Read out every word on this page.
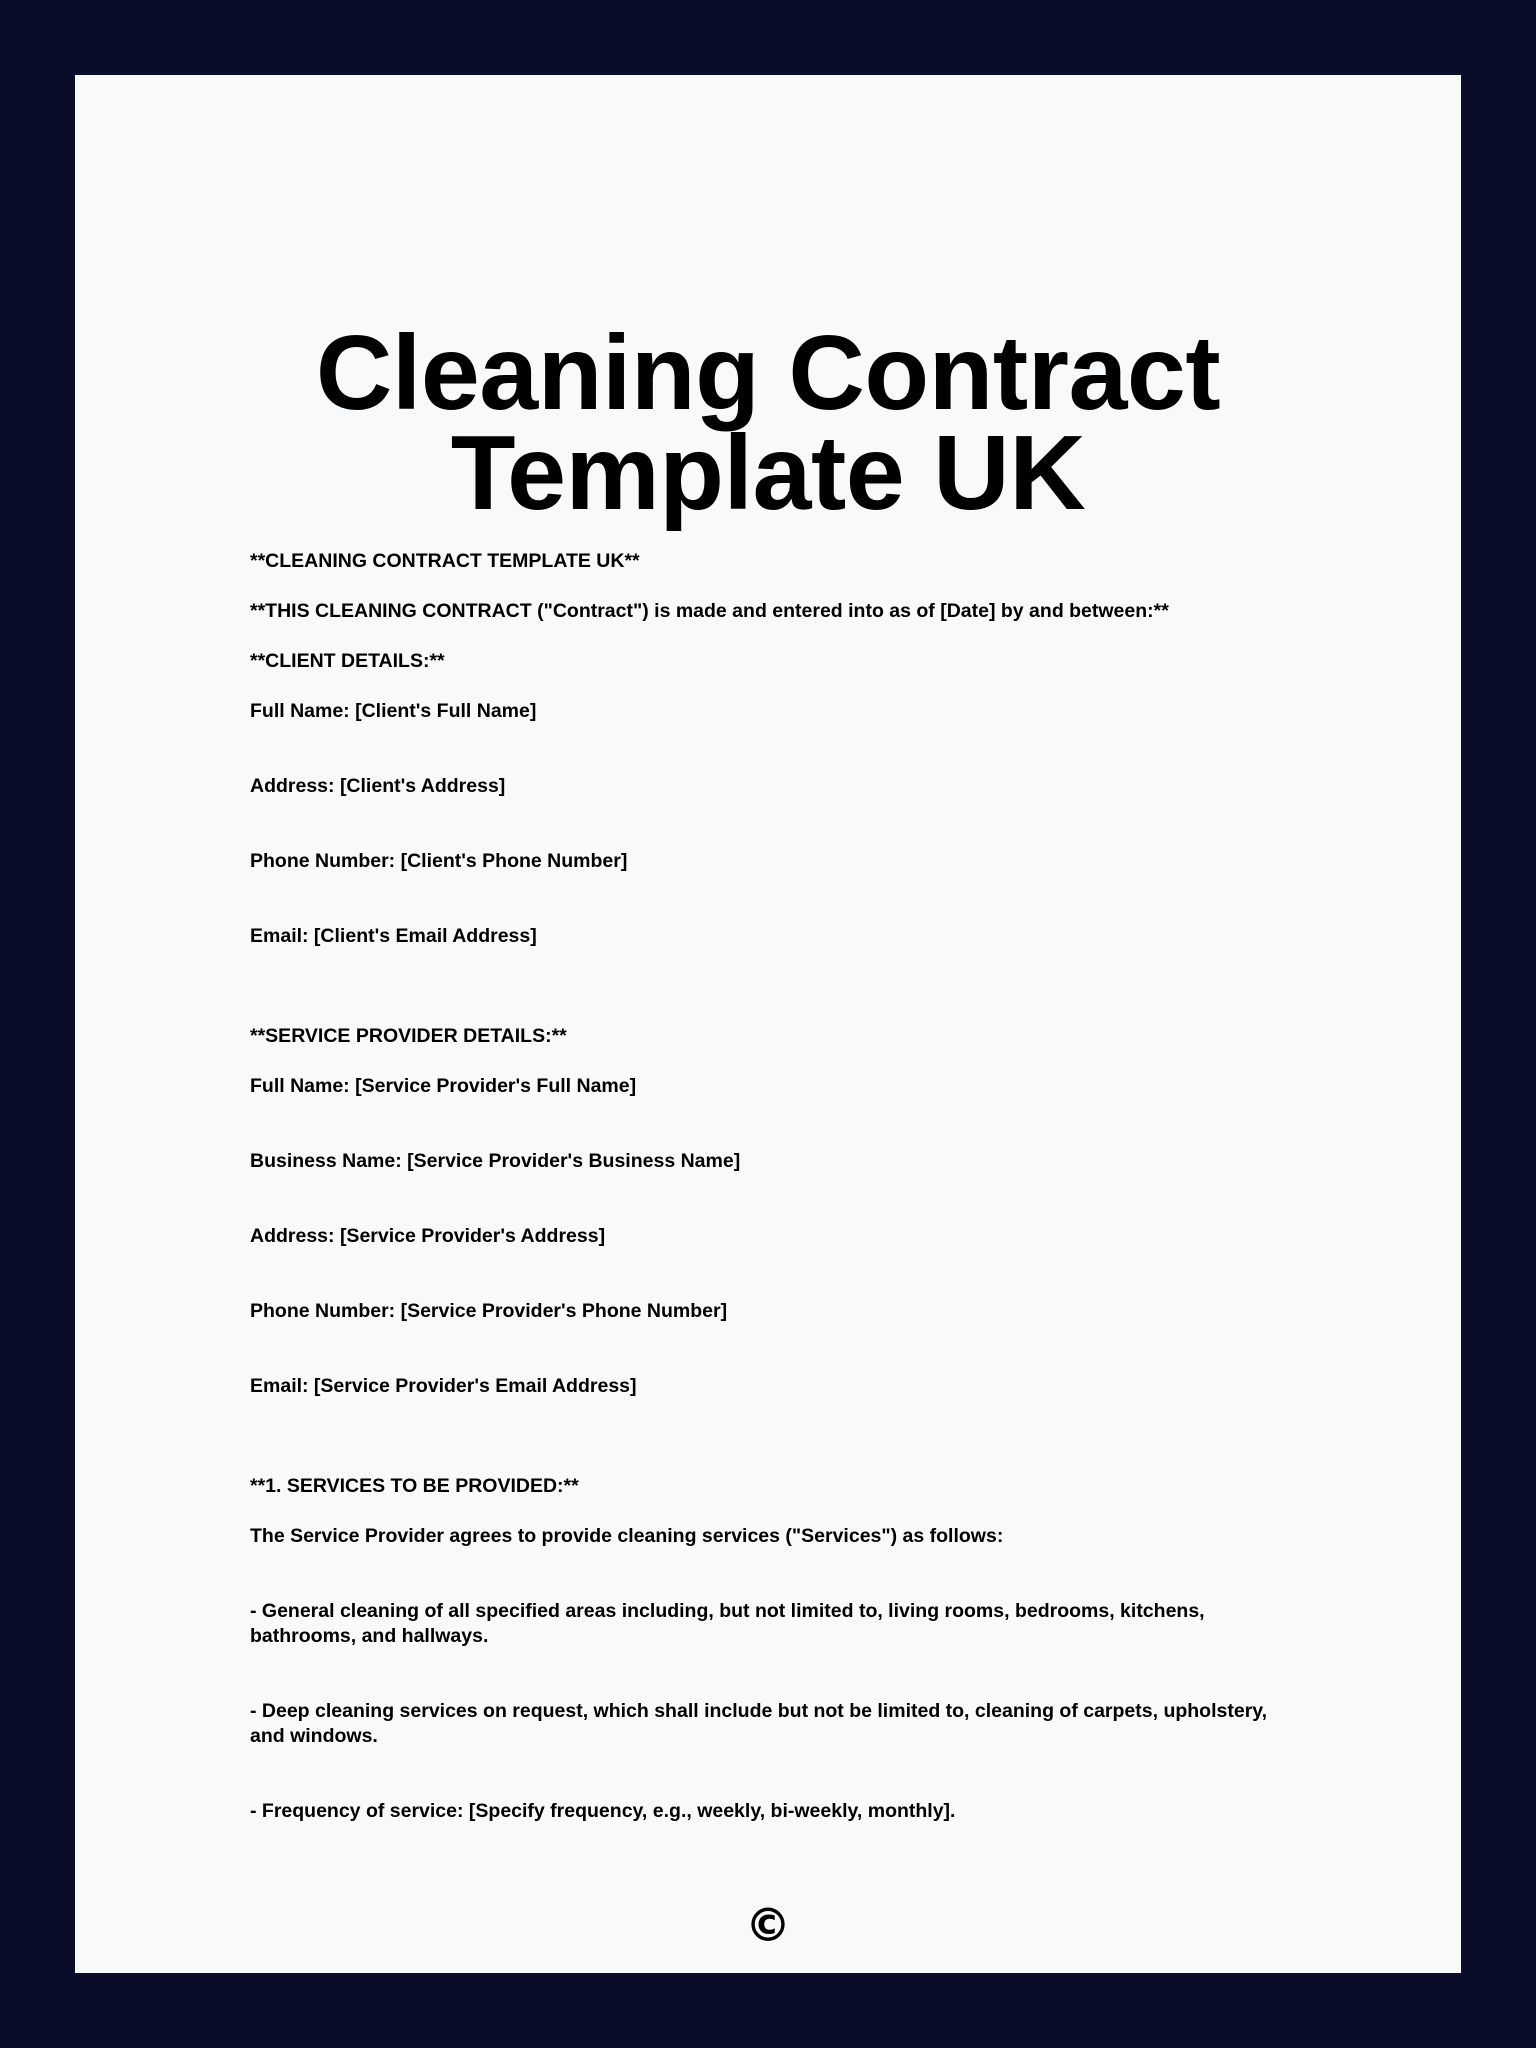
Cleaning Contract Template UK

**CLEANING CONTRACT TEMPLATE UK**

**THIS CLEANING CONTRACT ("Contract") is made and entered into as of [Date] by and between:**

**CLIENT DETAILS:**

Full Name: [Client's Full Name]

Address: [Client's Address]

Phone Number: [Client's Phone Number]

Email: [Client's Email Address]

**SERVICE PROVIDER DETAILS:**

Full Name: [Service Provider's Full Name]

Business Name: [Service Provider's Business Name]

Address: [Service Provider's Address]

Phone Number: [Service Provider's Phone Number]

Email: [Service Provider's Email Address]

**1. SERVICES TO BE PROVIDED:**

The Service Provider agrees to provide cleaning services ("Services") as follows:

- General cleaning of all specified areas including, but not limited to, living rooms, bedrooms, kitchens, bathrooms, and hallways.

- Deep cleaning services on request, which shall include but not be limited to, cleaning of carpets, upholstery, and windows.

- Frequency of service: [Specify frequency, e.g., weekly, bi-weekly, monthly].

©
